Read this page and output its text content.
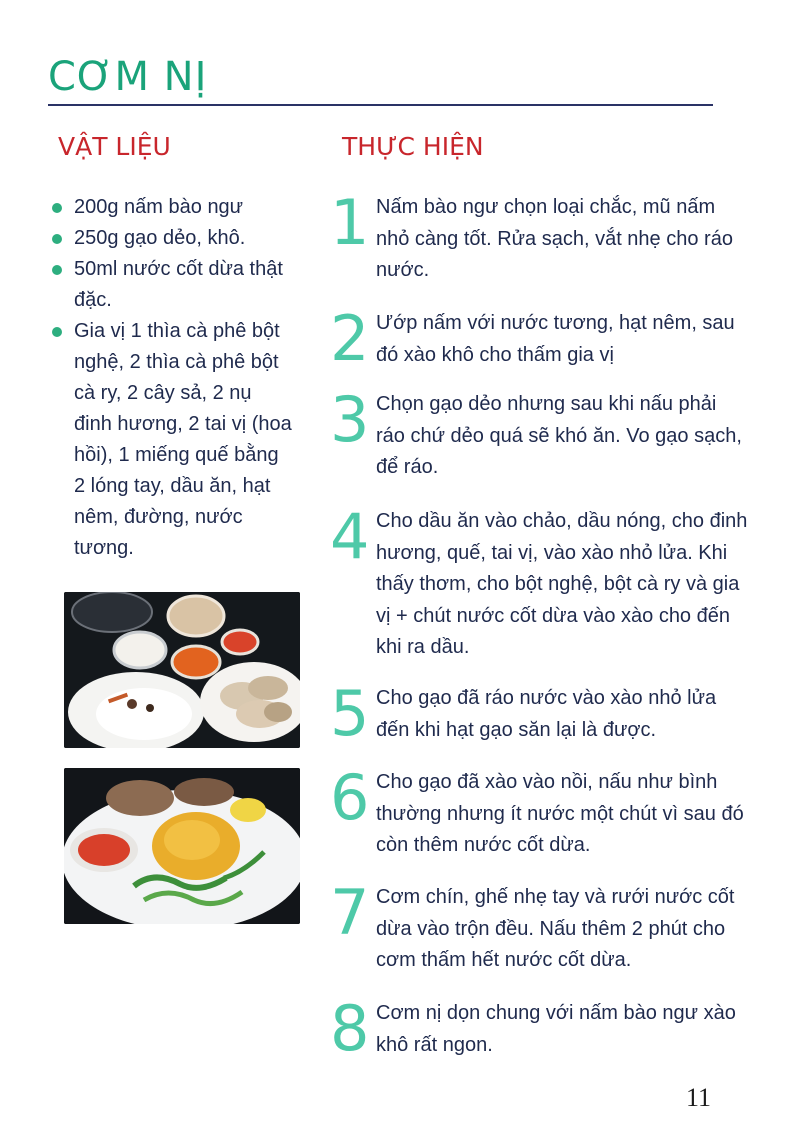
CƠM NỊ
VẬT LIỆU	THỰC HIỆN
200g nấm bào ngư
250g gạo dẻo, khô.
50ml nước cốt dừa thật đặc.
Gia vị 1 thìa cà phê bột nghệ, 2 thìa cà phê bột cà ry, 2 cây sả, 2 nụ đinh hương, 2 tai vị (hoa hồi), 1 miếng quế bằng 2 lóng tay, dầu ăn, hạt nêm, đường, nước tương.
1 Nấm bào ngư chọn loại chắc, mũ nấm nhỏ càng tốt. Rửa sạch, vắt nhẹ cho ráo nước.
2 Ướp nấm với nước tương, hạt nêm, sau đó xào khô cho thấm gia vị
3 Chọn gạo dẻo nhưng sau khi nấu phải ráo chứ dẻo quá sẽ khó ăn. Vo gạo sạch, để ráo.
4 Cho dầu ăn vào chảo, dầu nóng, cho đinh hương, quế, tai vị, vào xào nhỏ lửa. Khi thấy thơm, cho bột nghệ, bột cà ry và gia vị + chút nước cốt dừa vào xào cho đến khi ra dầu.
5 Cho gạo đã ráo nước vào xào nhỏ lửa đến khi hạt gạo săn lại là được.
6 Cho gạo đã xào vào nồi, nấu như bình thường nhưng ít nước một chút vì sau đó còn thêm nước cốt dừa.
7 Cơm chín, ghế nhẹ tay và rưới nước cốt dừa vào trộn đều. Nấu thêm 2 phút cho cơm thấm hết nước cốt dừa.
8 Cơm nị dọn chung với nấm bào ngư xào khô rất ngon.
11
